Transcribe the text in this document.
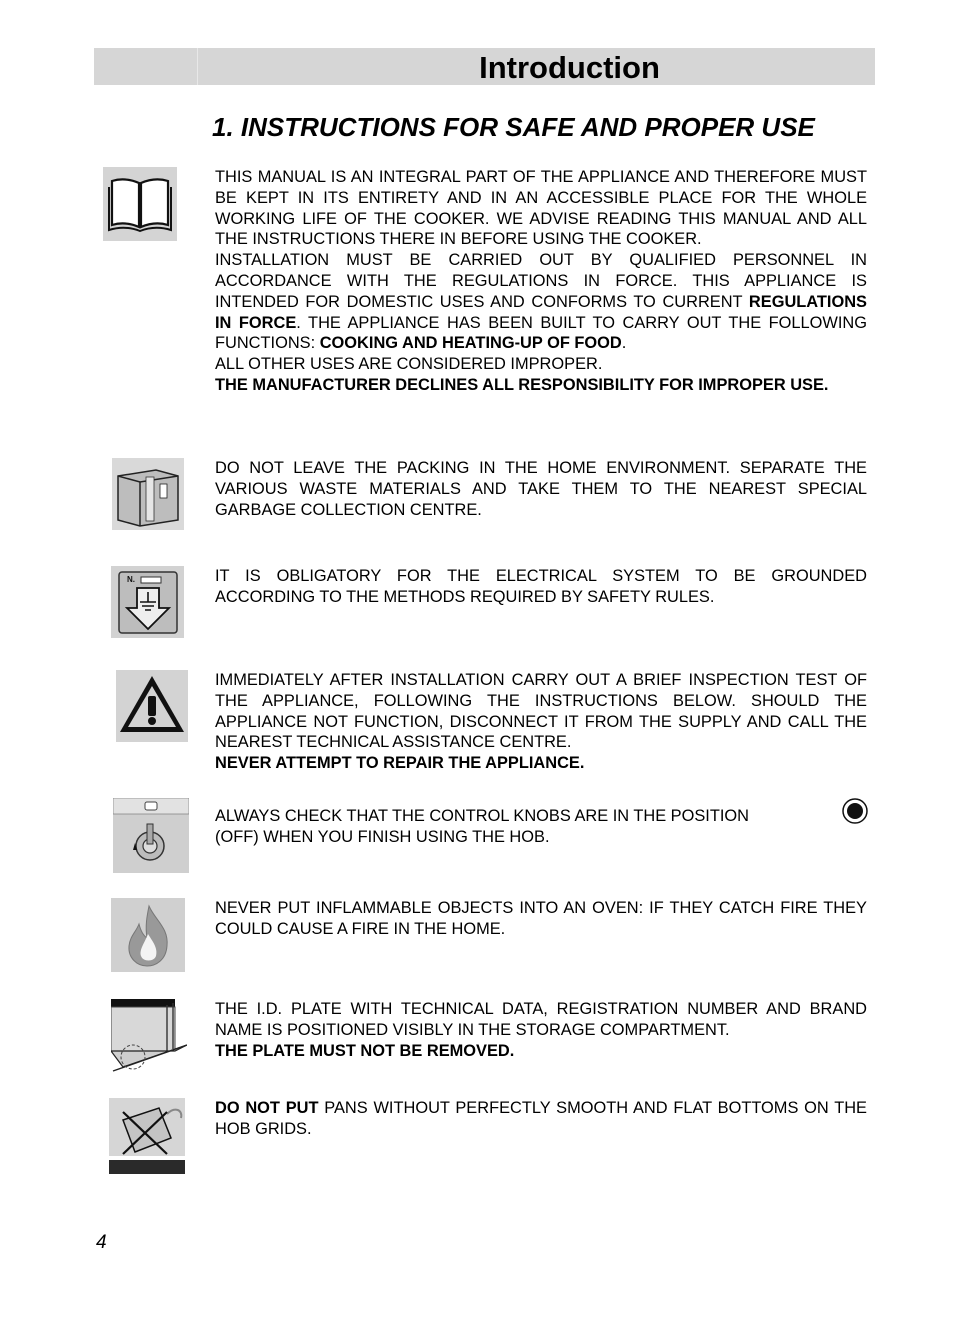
Introduction
1. INSTRUCTIONS FOR SAFE AND PROPER USE

THIS MANUAL IS AN INTEGRAL PART OF THE APPLIANCE AND THEREFORE MUST BE KEPT IN ITS ENTIRETY AND IN AN ACCESSIBLE PLACE FOR THE WHOLE WORKING LIFE OF THE COOKER. WE ADVISE READING THIS MANUAL AND ALL THE INSTRUCTIONS THERE IN BEFORE USING THE COOKER.

INSTALLATION MUST BE CARRIED OUT BY QUALIFIED PERSONNEL IN ACCORDANCE WITH THE REGULATIONS IN FORCE. THIS APPLIANCE IS INTENDED FOR DOMESTIC USES AND CONFORMS TO CURRENT REGULATIONS IN FORCE. THE APPLIANCE HAS BEEN BUILT TO CARRY OUT THE FOLLOWING FUNCTIONS: COOKING AND HEATING-UP OF FOOD.

ALL OTHER USES ARE CONSIDERED IMPROPER.

THE MANUFACTURER DECLINES ALL RESPONSIBILITY FOR IMPROPER USE.

DO NOT LEAVE THE PACKING IN THE HOME ENVIRONMENT. SEPARATE THE VARIOUS WASTE MATERIALS AND TAKE THEM TO THE NEAREST SPECIAL GARBAGE COLLECTION CENTRE.

N.	IT IS OBLIGATORY FOR THE ELECTRICAL SYSTEM TO BE GROUNDED ACCORDING TO THE METHODS REQUIRED BY SAFETY RULES.

IMMEDIATELY AFTER INSTALLATION CARRY OUT A BRIEF INSPECTION TEST OF THE APPLIANCE, FOLLOWING THE INSTRUCTIONS BELOW. SHOULD THE APPLIANCE NOT FUNCTION, DISCONNECT IT FROM THE SUPPLY AND CALL THE NEAREST TECHNICAL ASSISTANCE CENTRE.

NEVER ATTEMPT TO REPAIR THE APPLIANCE.

ALWAYS CHECK THAT THE CONTROL KNOBS ARE IN THE POSITION
(OFF) WHEN YOU FINISH USING THE HOB.

NEVER PUT INFLAMMABLE OBJECTS INTO AN OVEN: IF THEY CATCH FIRE THEY COULD CAUSE A FIRE IN THE HOME.

THE I.D. PLATE WITH TECHNICAL DATA, REGISTRATION NUMBER AND BRAND NAME IS POSITIONED VISIBLY IN THE STORAGE COMPARTMENT.

THE PLATE MUST NOT BE REMOVED.

DO NOT PUT PANS WITHOUT PERFECTLY SMOOTH AND FLAT BOTTOMS ON THE HOB GRIDS.

4
